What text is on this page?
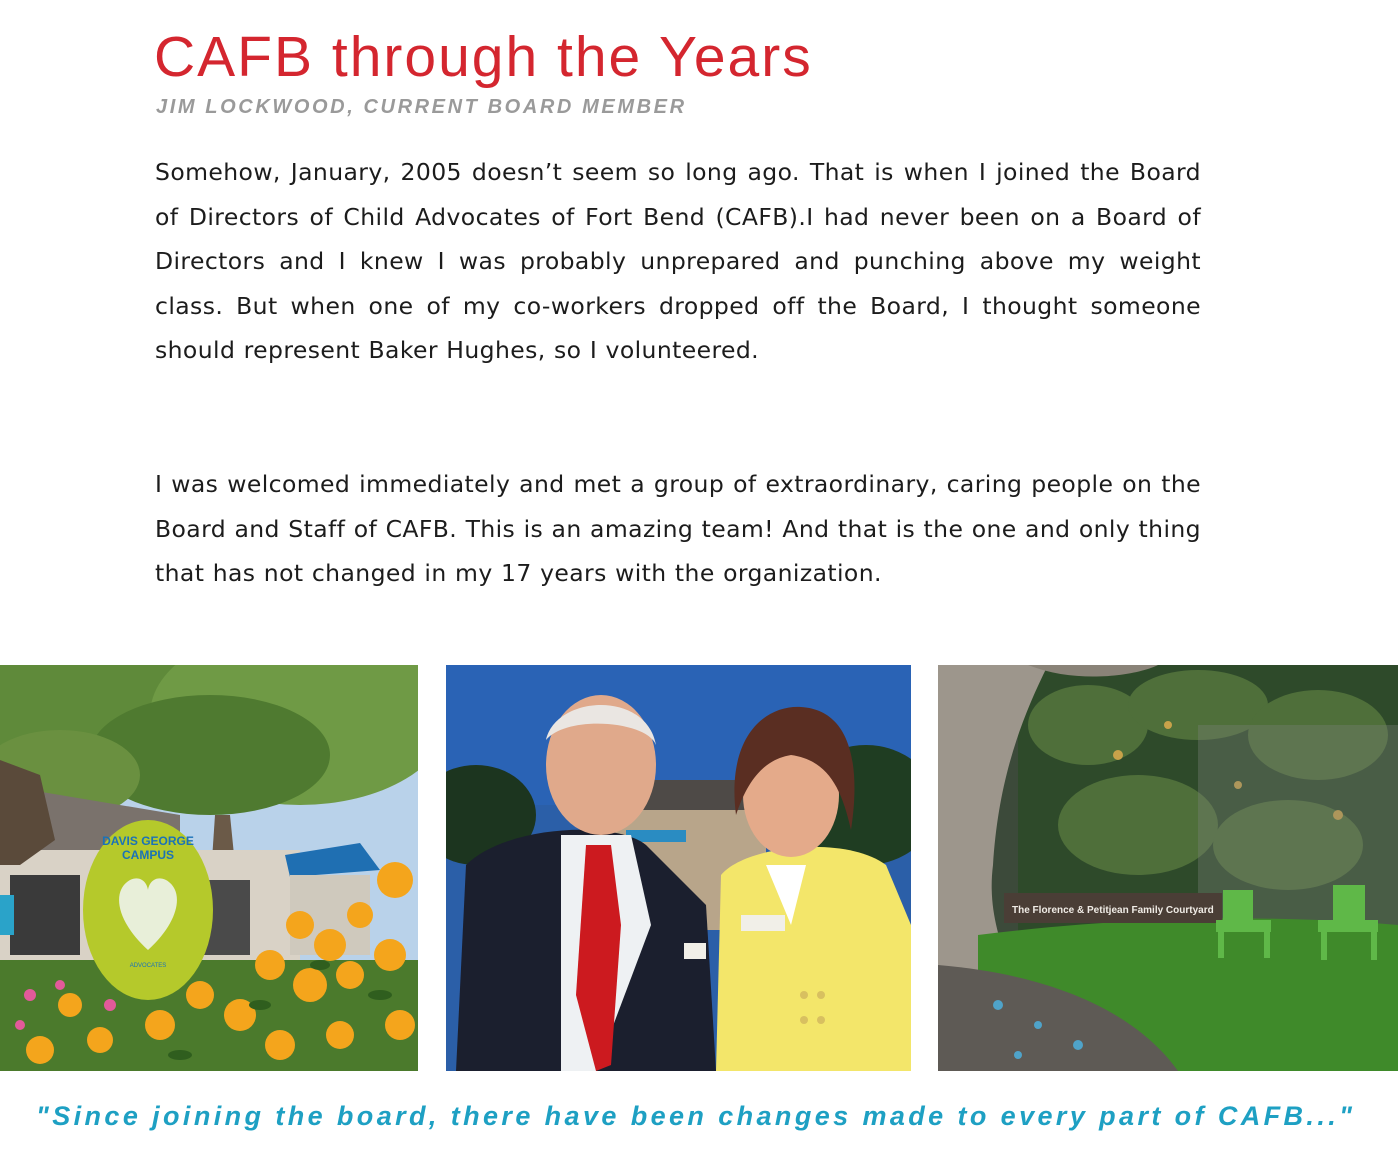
CAFB through the Years

JIM LOCKWOOD, CURRENT BOARD MEMBER

Somehow, January, 2005 doesn’t seem so long ago. That is when I joined the Board of Directors of Child Advocates of Fort Bend (CAFB).I had never been on a Board of Directors and I knew I was probably unprepared and punching above my weight class. But when one of my co-workers dropped off the Board, I thought someone should represent Baker Hughes, so I volunteered.

I was welcomed immediately and met a group of extraordinary, caring people on the Board and Staff of CAFB. This is an amazing team! And that is the one and only thing that has not changed in my 17 years with the organization.

DAVIS GEORGE
CAMPUS
ADVOCATES
The Florence & Petitjean Family Courtyard

"Since joining the board, there have been changes made to every part of CAFB..."
